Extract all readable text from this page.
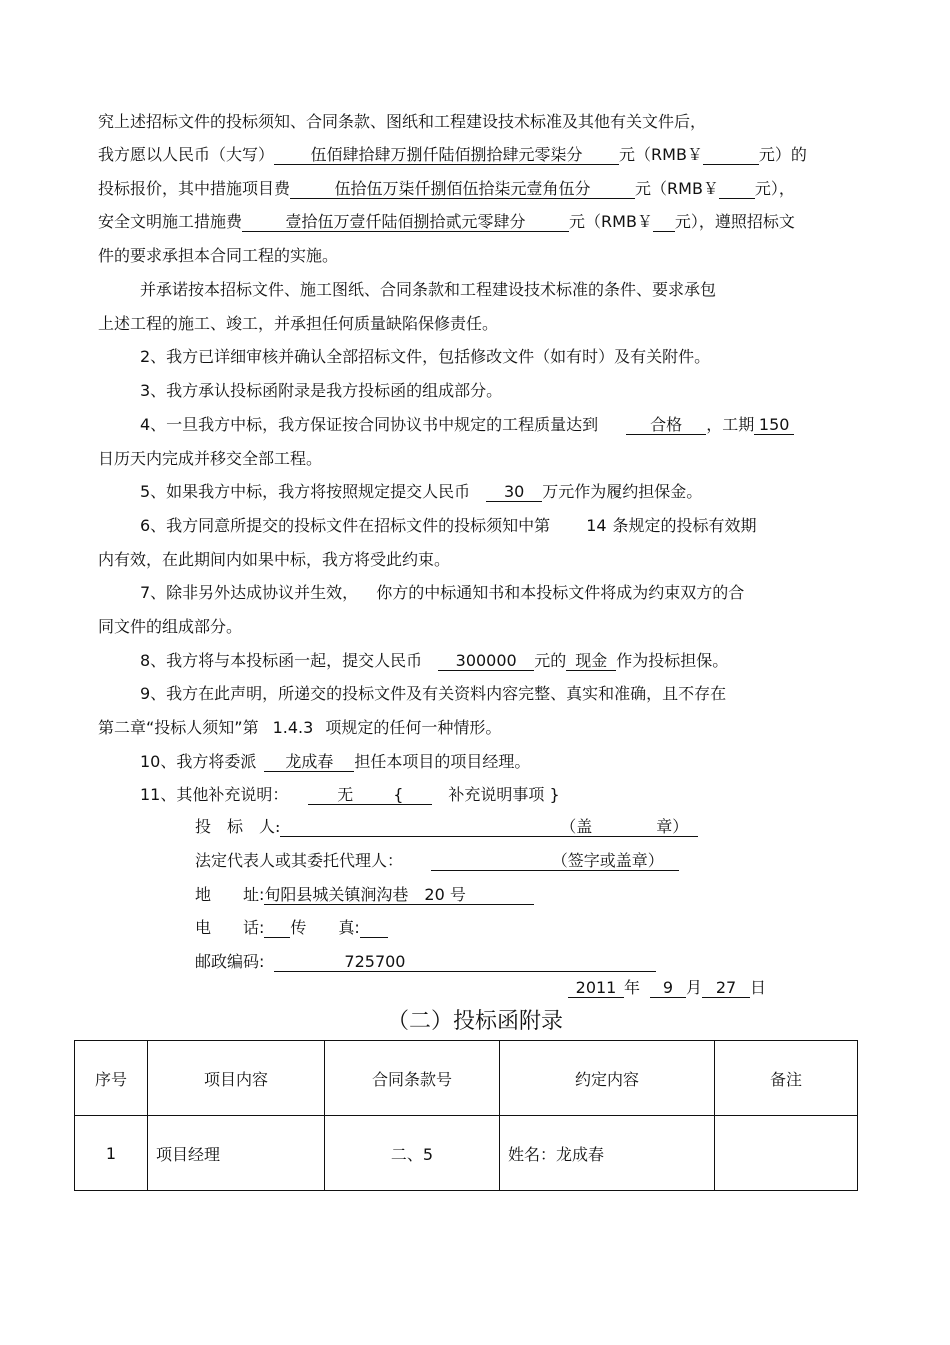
究上述招标文件的投标须知、合同条款、图纸和工程建设技术标准及其他有关文件后，
我方愿以人民币（大写） 伍佰肆拾肆万捌仟陆佰捌拾肆元零柒分 元（RMB￥	元）的
投标报价，其中措施项目费	伍拾伍万柒仟捌佰伍拾柒元壹角伍分	元（RMB￥ 元），
安全文明施工措施费	壹拾伍万壹仟陆佰捌拾贰元零肆分	元（RMB￥ 元），遵照招标文
件的要求承担本合同工程的实施。
并承诺按本招标文件、施工图纸、合同条款和工程建设技术标准的条件、要求承包
上述工程的施工、竣工，并承担任何质量缺陷保修责任。
2、我方已详细审核并确认全部招标文件，包括修改文件（如有时）及有关附件。
3、我方承认投标函附录是我方投标函的组成部分。
4、一旦我方中标，我方保证按合同协议书中规定的工程质量达到	合格 ，工期 150
日历天内完成并移交全部工程。
5、如果我方中标，我方将按照规定提交人民币 30 万元作为履约担保金。
6、我方同意所提交的投标文件在招标文件的投标须知中第 14 条规定的投标有效期
内有效，在此期间内如果中标，我方将受此约束。
7、除非另外达成协议并生效， 你方的中标通知书和本投标文件将成为约束双方的合
同文件的组成部分。
8、我方将与本投标函一起，提交人民币 300000 元的 现金 作为投标担保。
9、我方在此声明，所递交的投标文件及有关资料内容完整、真实和准确，且不存在
第二章“投标人须知”第 1.4.3 项规定的任何一种情形。
10、我方将委派 龙成春 担任本项目的项目经理。
11、其他补充说明：	无	{	补充说明事项 }
投　标　人:	（盖　　　　章）
法定代表人或其委托代理人：	（签字或盖章）
地　　址:旬阳县城关镇涧沟巷　20 号
电　　话: 传　　真:
邮政编码:	725700
2011 年 9 月 27 日
（二）投标函附录
序号	项目内容	合同条款号	约定内容	备注
1	项目经理	二、5	姓名：龙成春	
